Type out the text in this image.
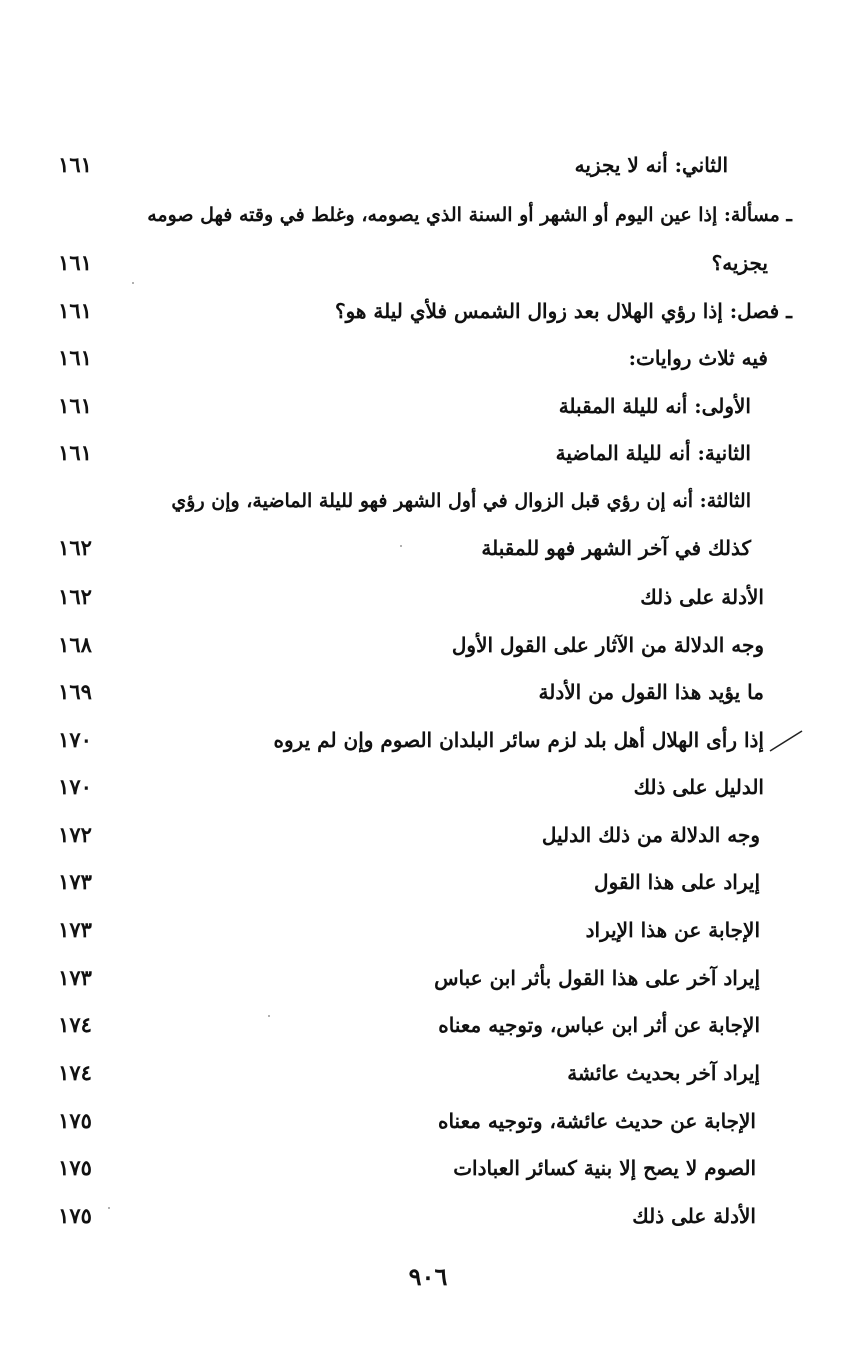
الثاني: أنه لا يجزيه
١٦١
ـ مسألة: إذا عين اليوم أو الشهر أو السنة الذي يصومه، وغلط في وقته فهل صومه
يجزيه؟
١٦١
ـ فصل: إذا رؤي الهلال بعد زوال الشمس فلأي ليلة هو؟
١٦١
فيه ثلاث روايات:
١٦١
الأولى: أنه لليلة المقبلة
١٦١
الثانية: أنه لليلة الماضية
١٦١
الثالثة: أنه إن رؤي قبل الزوال في أول الشهر فهو لليلة الماضية، وإن رؤي
كذلك في آخر الشهر فهو للمقبلة
١٦٢
الأدلة على ذلك
١٦٢
وجه الدلالة من الآثار على القول الأول
١٦٨
ما يؤيد هذا القول من الأدلة
١٦٩
إذا رأى الهلال أهل بلد لزم سائر البلدان الصوم وإن لم يروه
١٧٠
الدليل على ذلك
١٧٠
وجه الدلالة من ذلك الدليل
١٧٢
إيراد على هذا القول
١٧٣
الإجابة عن هذا الإيراد
١٧٣
إيراد آخر على هذا القول بأثر ابن عباس
١٧٣
الإجابة عن أثر ابن عباس، وتوجيه معناه
١٧٤
إيراد آخر بحديث عائشة
١٧٤
الإجابة عن حديث عائشة، وتوجيه معناه
١٧٥
الصوم لا يصح إلا بنية كسائر العبادات
١٧٥
الأدلة على ذلك
١٧٥
٩٠٦
